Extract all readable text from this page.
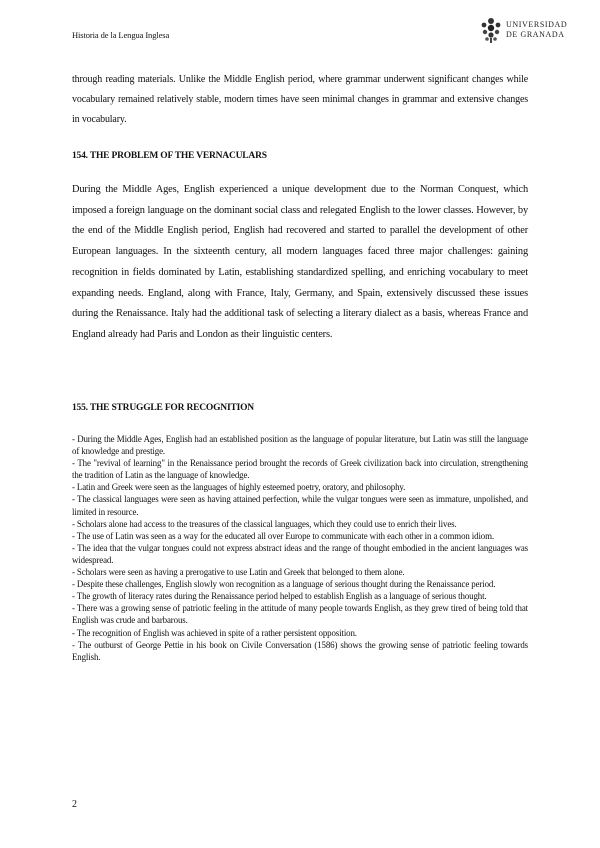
Historia de la Lengua Inglesa
UNIVERSIDAD
DE GRANADA

through reading materials. Unlike the Middle English period, where grammar underwent significant changes while vocabulary remained relatively stable, modern times have seen minimal changes in grammar and extensive changes in vocabulary.

154. THE PROBLEM OF THE VERNACULARS

During the Middle Ages, English experienced a unique development due to the Norman Conquest, which imposed a foreign language on the dominant social class and relegated English to the lower classes. However, by the end of the Middle English period, English had recovered and started to parallel the development of other European languages. In the sixteenth century, all modern languages faced three major challenges: gaining recognition in fields dominated by Latin, establishing standardized spelling, and enriching vocabulary to meet expanding needs. England, along with France, Italy, Germany, and Spain, extensively discussed these issues during the Renaissance. Italy had the additional task of selecting a literary dialect as a basis, whereas France and England already had Paris and London as their linguistic centers.

155. THE STRUGGLE FOR RECOGNITION
- During the Middle Ages, English had an established position as the language of popular literature, but Latin was still the language of knowledge and prestige.
- The "revival of learning" in the Renaissance period brought the records of Greek civilization back into circulation, strengthening the tradition of Latin as the language of knowledge.
- Latin and Greek were seen as the languages of highly esteemed poetry, oratory, and philosophy.
- The classical languages were seen as having attained perfection, while the vulgar tongues were seen as immature, unpolished, and limited in resource.
- Scholars alone had access to the treasures of the classical languages, which they could use to enrich their lives.
- The use of Latin was seen as a way for the educated all over Europe to communicate with each other in a common idiom.
- The idea that the vulgar tongues could not express abstract ideas and the range of thought embodied in the ancient languages was widespread.
- Scholars were seen as having a prerogative to use Latin and Greek that belonged to them alone.
- Despite these challenges, English slowly won recognition as a language of serious thought during the Renaissance period.
- The growth of literacy rates during the Renaissance period helped to establish English as a language of serious thought.
- There was a growing sense of patriotic feeling in the attitude of many people towards English, as they grew tired of being told that English was crude and barbarous.
- The recognition of English was achieved in spite of a rather persistent opposition.
- The outburst of George Pettie in his book on Civile Conversation (1586) shows the growing sense of patriotic feeling towards English.
2
